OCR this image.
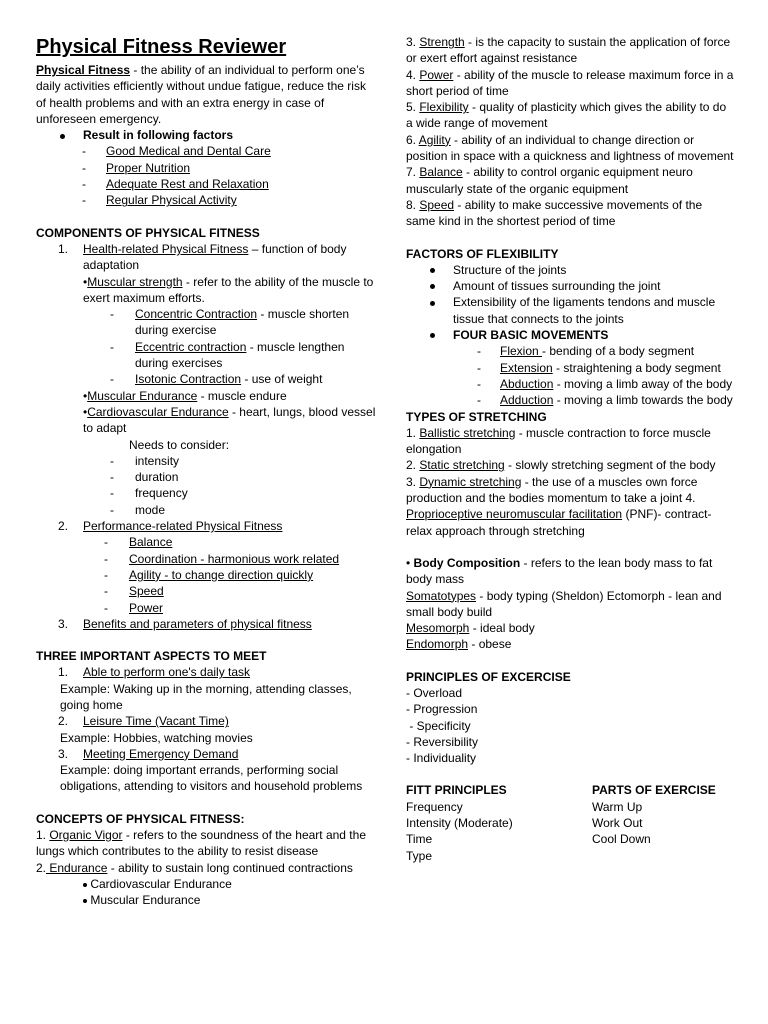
Physical Fitness Reviewer
Physical Fitness - the ability of an individual to perform one’s daily activities efficiently without undue fatigue, reduce the risk of health problems and with an extra energy in case of unforeseen emergency.
Result in following factors
- Good Medical and Dental Care
- Proper Nutrition
- Adequate Rest and Relaxation
- Regular Physical Activity
COMPONENTS OF PHYSICAL FITNESS
1. Health-related Physical Fitness – function of body adaptation
•Muscular strength - refer to the ability of the muscle to exert maximum efforts.
- Concentric Contraction - muscle shorten during exercise
- Eccentric contraction - muscle lengthen during exercises
- Isotonic Contraction - use of weight
•Muscular Endurance - muscle endure
•Cardiovascular Endurance - heart, lungs, blood vessel to adapt
Needs to consider:
- intensity
- duration
- frequency
- mode
2. Performance-related Physical Fitness
- Balance
- Coordination - harmonious work related
- Agility - to change direction quickly
- Speed
- Power
3. Benefits and parameters of physical fitness
THREE IMPORTANT ASPECTS TO MEET
1. Able to perform one's daily task
Example: Waking up in the morning, attending classes, going home
2. Leisure Time (Vacant Time)
Example: Hobbies, watching movies
3. Meeting Emergency Demand
Example: doing important errands, performing social obligations, attending to visitors and household problems
CONCEPTS OF PHYSICAL FITNESS:
1. Organic Vigor - refers to the soundness of the heart and the lungs which contributes to the ability to resist disease
2. Endurance - ability to sustain long continued contractions
Cardiovascular Endurance
Muscular Endurance
3. Strength - is the capacity to sustain the application of force or exert effort against resistance
4. Power - ability of the muscle to release maximum force in a short period of time
5. Flexibility - quality of plasticity which gives the ability to do a wide range of movement
6. Agility - ability of an individual to change direction or position in space with a quickness and lightness of movement
7. Balance - ability to control organic equipment neuro muscularly state of the organic equipment
8. Speed - ability to make successive movements of the same kind in the shortest period of time
FACTORS OF FLEXIBILITY
Structure of the joints
Amount of tissues surrounding the joint
Extensibility of the ligaments tendons and muscle tissue that connects to the joints
FOUR BASIC MOVEMENTS
- Flexion - bending of a body segment
- Extension - straightening a body segment
- Abduction - moving a limb away of the body
- Adduction - moving a limb towards the body
TYPES OF STRETCHING
1. Ballistic stretching - muscle contraction to force muscle elongation
2. Static stretching - slowly stretching segment of the body
3. Dynamic stretching - the use of a muscles own force production and the bodies momentum to take a joint 4. Proprioceptive neuromuscular facilitation (PNF)- contract-relax approach through stretching
• Body Composition - refers to the lean body mass to fat body mass
Somatotypes - body typing (Sheldon) Ectomorph - lean and small body build
Mesomorph - ideal body
Endomorph - obese
PRINCIPLES OF EXCERCISE
- Overload
- Progression
- Specificity
- Reversibility
- Individuality
FITT PRINCIPLES
Frequency
Intensity (Moderate)
Time
Type
PARTS OF EXERCISE
Warm Up
Work Out
Cool Down
